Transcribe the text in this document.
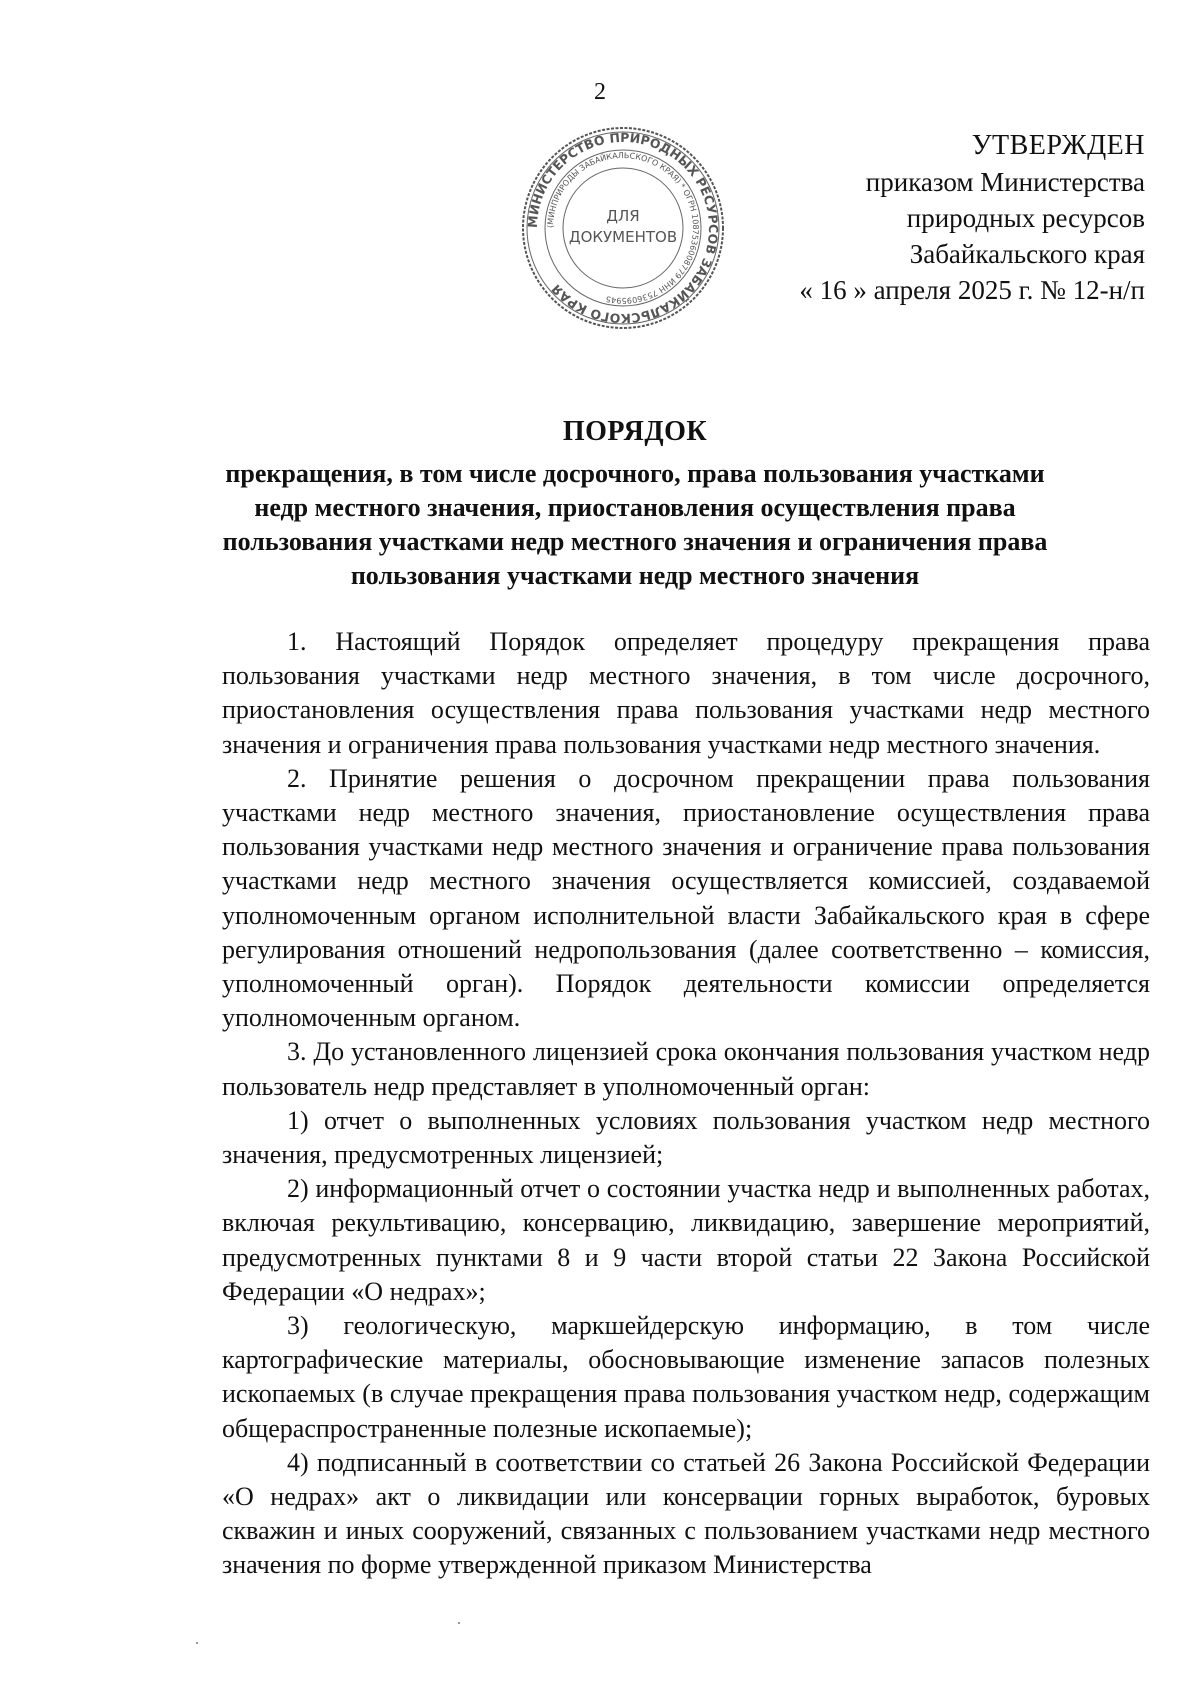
2
МИНИСТЕРСТВО ПРИРОДНЫХ РЕСУРСОВ ЗАБАЙКАЛЬСКОГО КРАЯ
(МИНПРИРОДЫ ЗАБАЙКАЛЬСКОГО КРАЯ) * ОГРН 1087536008779 ИНН 7536095945
ДЛЯ
ДОКУМЕНТОВ
УТВЕРЖДЕН
приказом Министерства
природных ресурсов
Забайкальского края
« 16 » апреля 2025 г. № 12-н/п
ПОРЯДОК
прекращения, в том числе досрочного, права пользования участками
недр местного значения, приостановления осуществления права
пользования участками недр местного значения и ограничения права
пользования участками недр местного значения

1. Настоящий Порядок определяет процедуру прекращения права пользования участками недр местного значения, в том числе досрочного, приостановления осуществления права пользования участками недр местного значения и ограничения права пользования участками недр местного значения.

2. Принятие решения о досрочном прекращении права пользования участками недр местного значения, приостановление осуществления права пользования участками недр местного значения и ограничение права пользования участками недр местного значения осуществляется комиссией, создаваемой уполномоченным органом исполнительной власти Забайкальского края в сфере регулирования отношений недропользования (далее соответственно – комиссия, уполномоченный орган). Порядок деятельности комиссии определяется уполномоченным органом.

3. До установленного лицензией срока окончания пользования участком недр пользователь недр представляет в уполномоченный орган:

1) отчет о выполненных условиях пользования участком недр местного значения, предусмотренных лицензией;

2) информационный отчет о состоянии участка недр и выполненных работах, включая рекультивацию, консервацию, ликвидацию, завершение мероприятий, предусмотренных пунктами 8 и 9 части второй статьи 22 Закона Российской Федерации «О недрах»;

3) геологическую, маркшейдерскую информацию, в том числе картографические материалы, обосновывающие изменение запасов полезных ископаемых (в случае прекращения права пользования участком недр, содержащим общераспространенные полезные ископаемые);

4) подписанный в соответствии со статьей 26 Закона Российской Федерации «О недрах» акт о ликвидации или консервации горных выработок, буровых скважин и иных сооружений, связанных с пользованием участками недр местного значения по форме утвержденной приказом Министерства
